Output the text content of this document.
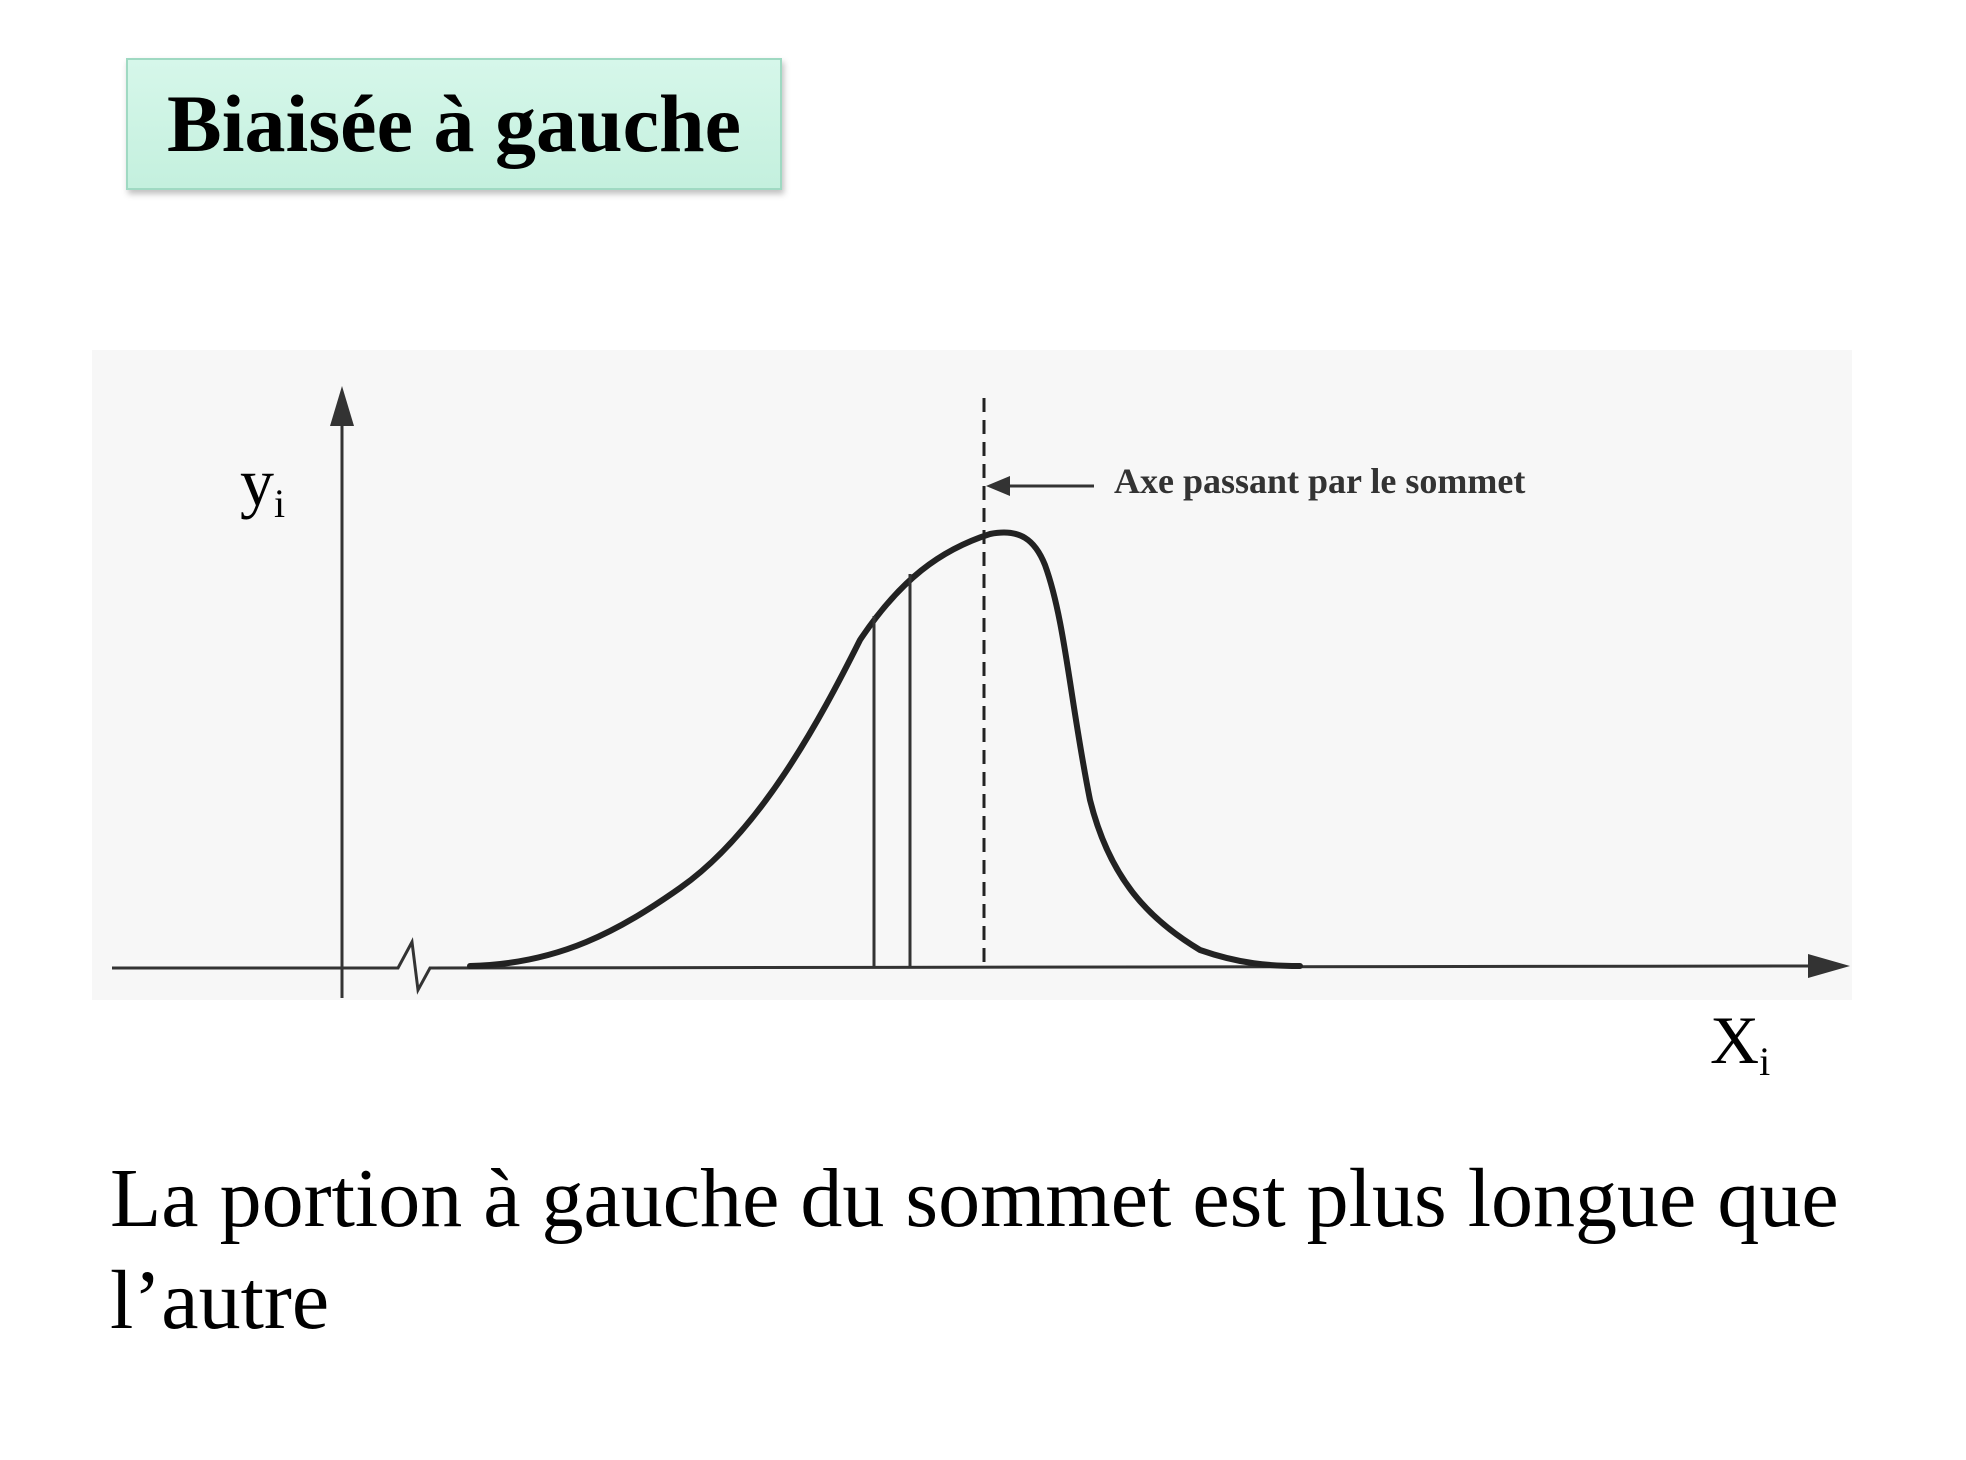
Biaisée à gauche
$y_i$
$X_i$
Axe passant par le sommet
La portion à gauche du sommet est plus longue que l’autre
